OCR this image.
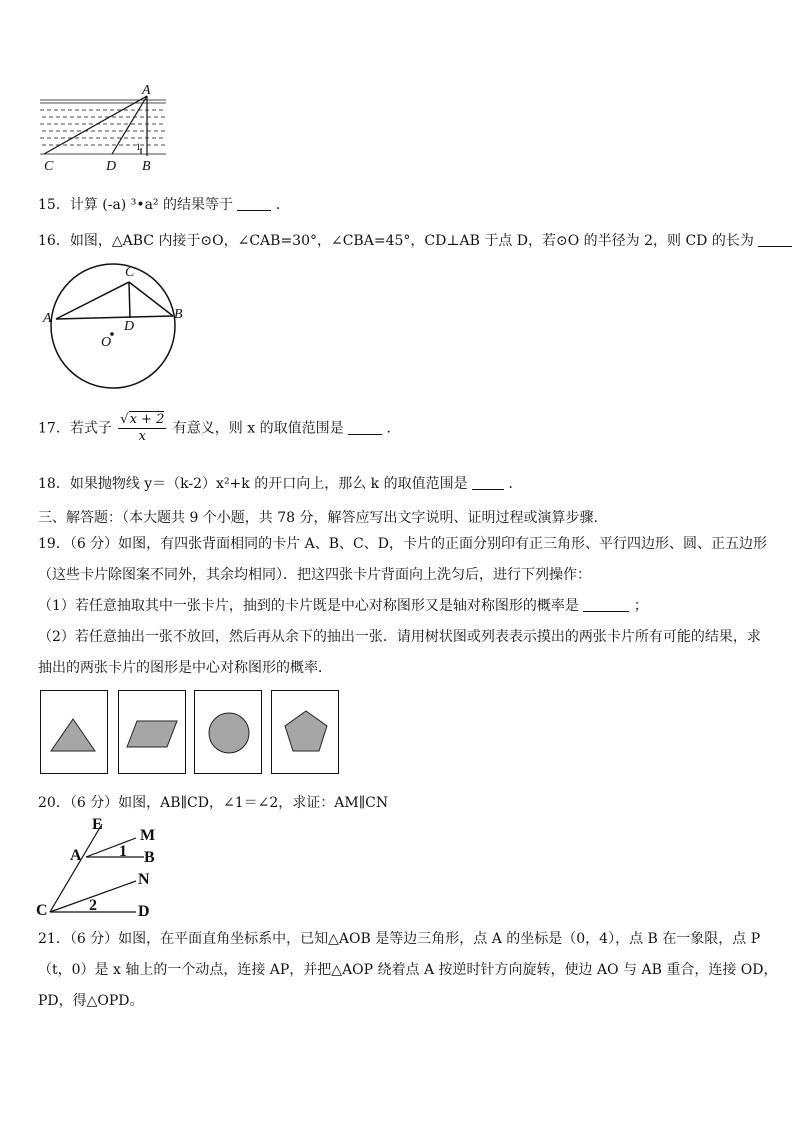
A
C	D B
1
15．计算 (-a) ³•a² 的结果等于	．
16．如图，△ABC 内接于⊙O，∠CAB=30°，∠CBA=45°，CD⊥AB 于点 D，若⊙O 的半径为 2，则 CD 的长为
A	B
C
D
O
17．若式子 $\frac{√x + 2}{x}$ 有意义，则 x 的取值范围是	．
18．如果抛物线 y＝（k-2）x²+k 的开口向上，那么 k 的取值范围是	．
三、解答题：（本大题共 9 个小题，共 78 分，解答应写出文字说明、证明过程或演算步骤．
19．（6 分）如图，有四张背面相同的卡片 A、B、C、D，卡片的正面分别印有正三角形、平行四边形、圆、正五边形
（这些卡片除图案不同外，其余均相同）．把这四张卡片背面向上洗匀后，进行下列操作：
（1）若任意抽取其中一张卡片，抽到的卡片既是中心对称图形又是轴对称图形的概率是	；
（2）若任意抽出一张不放回，然后再从余下的抽出一张．请用树状图或列表表示摸出的两张卡片所有可能的结果，求
抽出的两张卡片的图形是中心对称图形的概率．
20．（6 分）如图，AB∥CD，∠1＝∠2，求证：AM∥CN
E
M
A	B
1
N
C	2	D
21．（6 分）如图，在平面直角坐标系中，已知△AOB 是等边三角形，点 A 的坐标是（0，4），点 B 在一象限，点 P
（t，0）是 x 轴上的一个动点，连接 AP，并把△AOP 绕着点 A 按逆时针方向旋转，使边 AO 与 AB 重合，连接 OD，
PD，得△OPD。
